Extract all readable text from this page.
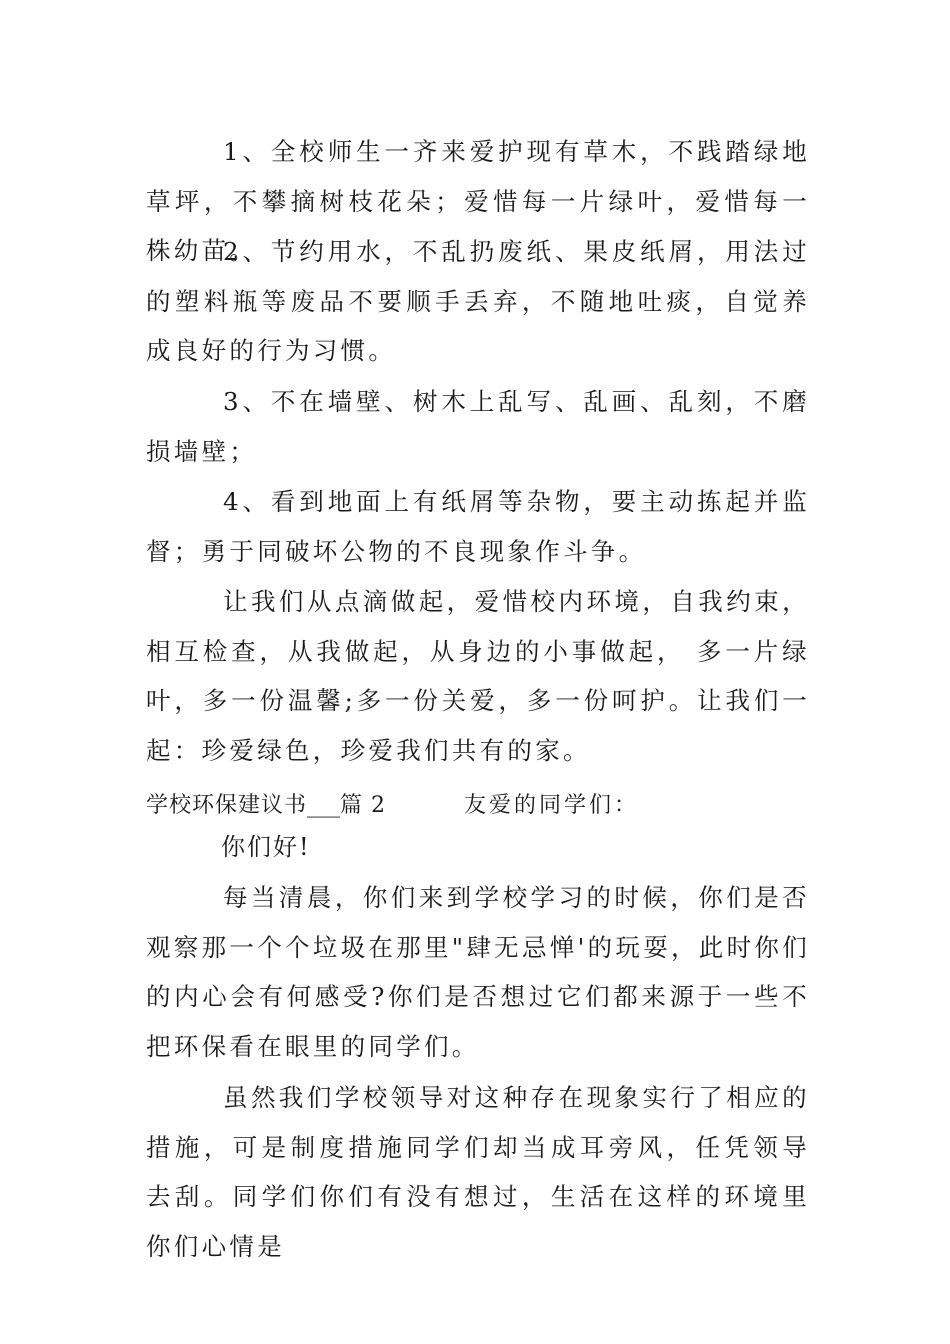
1、全校师生一齐来爱护现有草木，不践踏绿地草坪，不攀摘树枝花朵；爱惜每一片绿叶，爱惜每一株幼苗。

2、节约用水，不乱扔废纸、果皮纸屑，用法过的塑料瓶等废品不要顺手丢弃，不随地吐痰，自觉养成良好的行为习惯。

3、不在墙壁、树木上乱写、乱画、乱刻，不磨损墙壁；

4、看到地面上有纸屑等杂物，要主动拣起并监督；勇于同破坏公物的不良现象作斗争。

让我们从点滴做起，爱惜校内环境，自我约束，相互检查，从我做起，从身边的小事做起， 多一片绿叶，多一份温馨;多一份关爱，多一份呵护。让我们一起：珍爱绿色，珍爱我们共有的家。

学校环保建议书___篇 2	友爱的同学们：

你们好!

每当清晨，你们来到学校学习的时候，你们是否观察那一个个垃圾在那里"肆无忌惮'的玩耍，此时你们的内心会有何感受?你们是否想过它们都来源于一些不把环保看在眼里的同学们。

虽然我们学校领导对这种存在现象实行了相应的措施，可是制度措施同学们却当成耳旁风，任凭领导去刮。同学们你们有没有想过，生活在这样的环境里你们心情是
